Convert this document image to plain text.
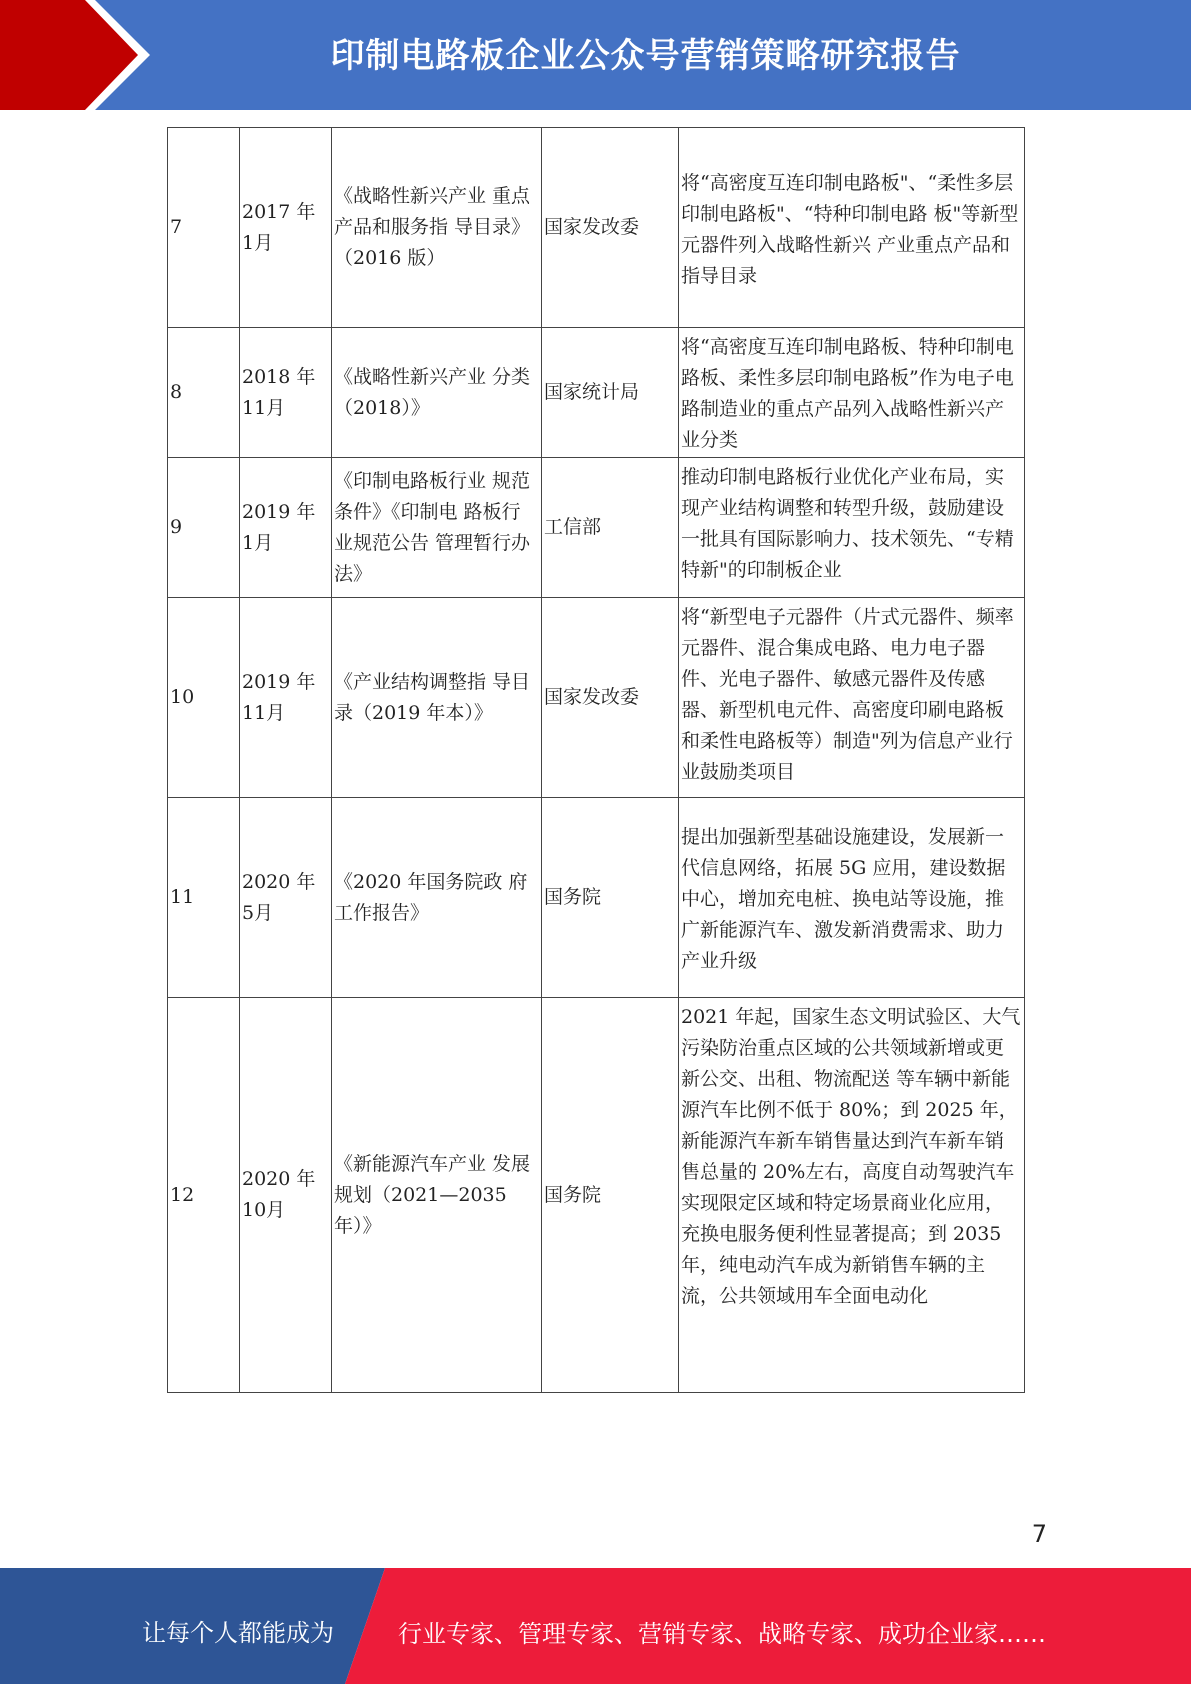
印制电路板企业公众号营销策略研究报告
7	2017 年 1月	《战略性新兴产业 重点产品和服务指 导目录》（2016 版）	国家发改委	将“高密度互连印制电路板"、“柔性多层印制电路板"、“特种印制电路 板"等新型元器件列入战略性新兴 产业重点产品和指导目录
8	2018 年 11月	《战略性新兴产业 分类（2018）》	国家统计局	将“高密度互连印制电路板、特种印制电路板、柔性多层印制电路板”作为电子电路制造业的重点产品列入战略性新兴产业分类
9	2019 年 1月	《印制电路板行业 规范条件》《印制电 路板行业规范公告 管理暂行办法》	工信部	推动印制电路板行业优化产业布局，实现产业结构调整和转型升级，鼓励建设一批具有国际影响力、技术领先、“专精特新"的印制板企业
10	2019 年 11月	《产业结构调整指 导目录（2019 年本）》	国家发改委	将“新型电子元器件（片式元器件、频率元器件、混合集成电路、电力电子器件、光电子器件、敏感元器件及传感器、新型机电元件、高密度印刷电路板和柔性电路板等）制造"列为信息产业行业鼓励类项目
11	2020 年 5月	《2020 年国务院政 府工作报告》	国务院	提出加强新型基础设施建设，发展新一代信息网络，拓展 5G 应用，建设数据中心，增加充电桩、换电站等设施，推广新能源汽车、激发新消费需求、助力产业升级
12	2020 年 10月	《新能源汽车产业 发展规划（2021—2035年）》	国务院	2021 年起，国家生态文明试验区、大气污染防治重点区域的公共领域新增或更新公交、出租、物流配送 等车辆中新能源汽车比例不低于 80%；到 2025 年，新能源汽车新车销售量达到汽车新车销售总量的 20%左右，高度自动驾驶汽车实现限定区域和特定场景商业化应用，充换电服务便利性显著提高；到 2035 年，纯电动汽车成为新销售车辆的主流，公共领域用车全面电动化
7
让每个人都能成为	行业专家、管理专家、营销专家、战略专家、成功企业家……
